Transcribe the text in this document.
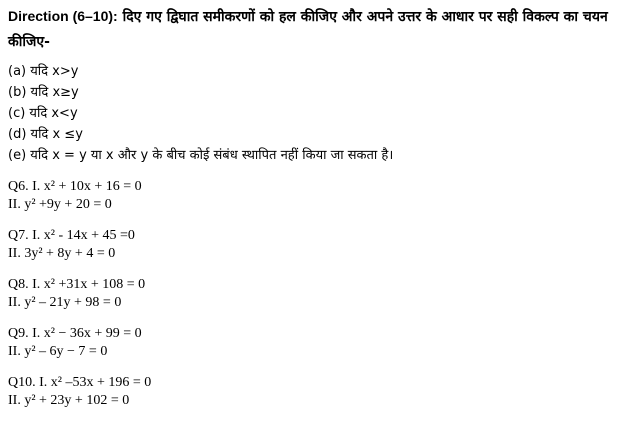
Direction (6–10): दिए गए द्विघात समीकरणों को हल कीजिए और अपने उत्तर के आधार पर सही विकल्प का चयन कीजिए-

(a) यदि x>y
(b) यदि x≥y
(c) यदि x<y
(d) यदि x ≤y
(e) यदि x = y या x और y के बीच कोई संबंध स्थापित नहीं किया जा सकता है।
Q6. I. x² + 10x + 16 = 0
II. y² +9y + 20 = 0
Q7. I. x² - 14x + 45 =0
II. 3y² + 8y + 4 = 0
Q8. I. x² +31x + 108 = 0
II. y² – 21y + 98 = 0
Q9. I. x² − 36x + 99 = 0
II. y² – 6y − 7 = 0
Q10. I. x² –53x + 196 = 0
II. y² + 23y + 102 = 0
